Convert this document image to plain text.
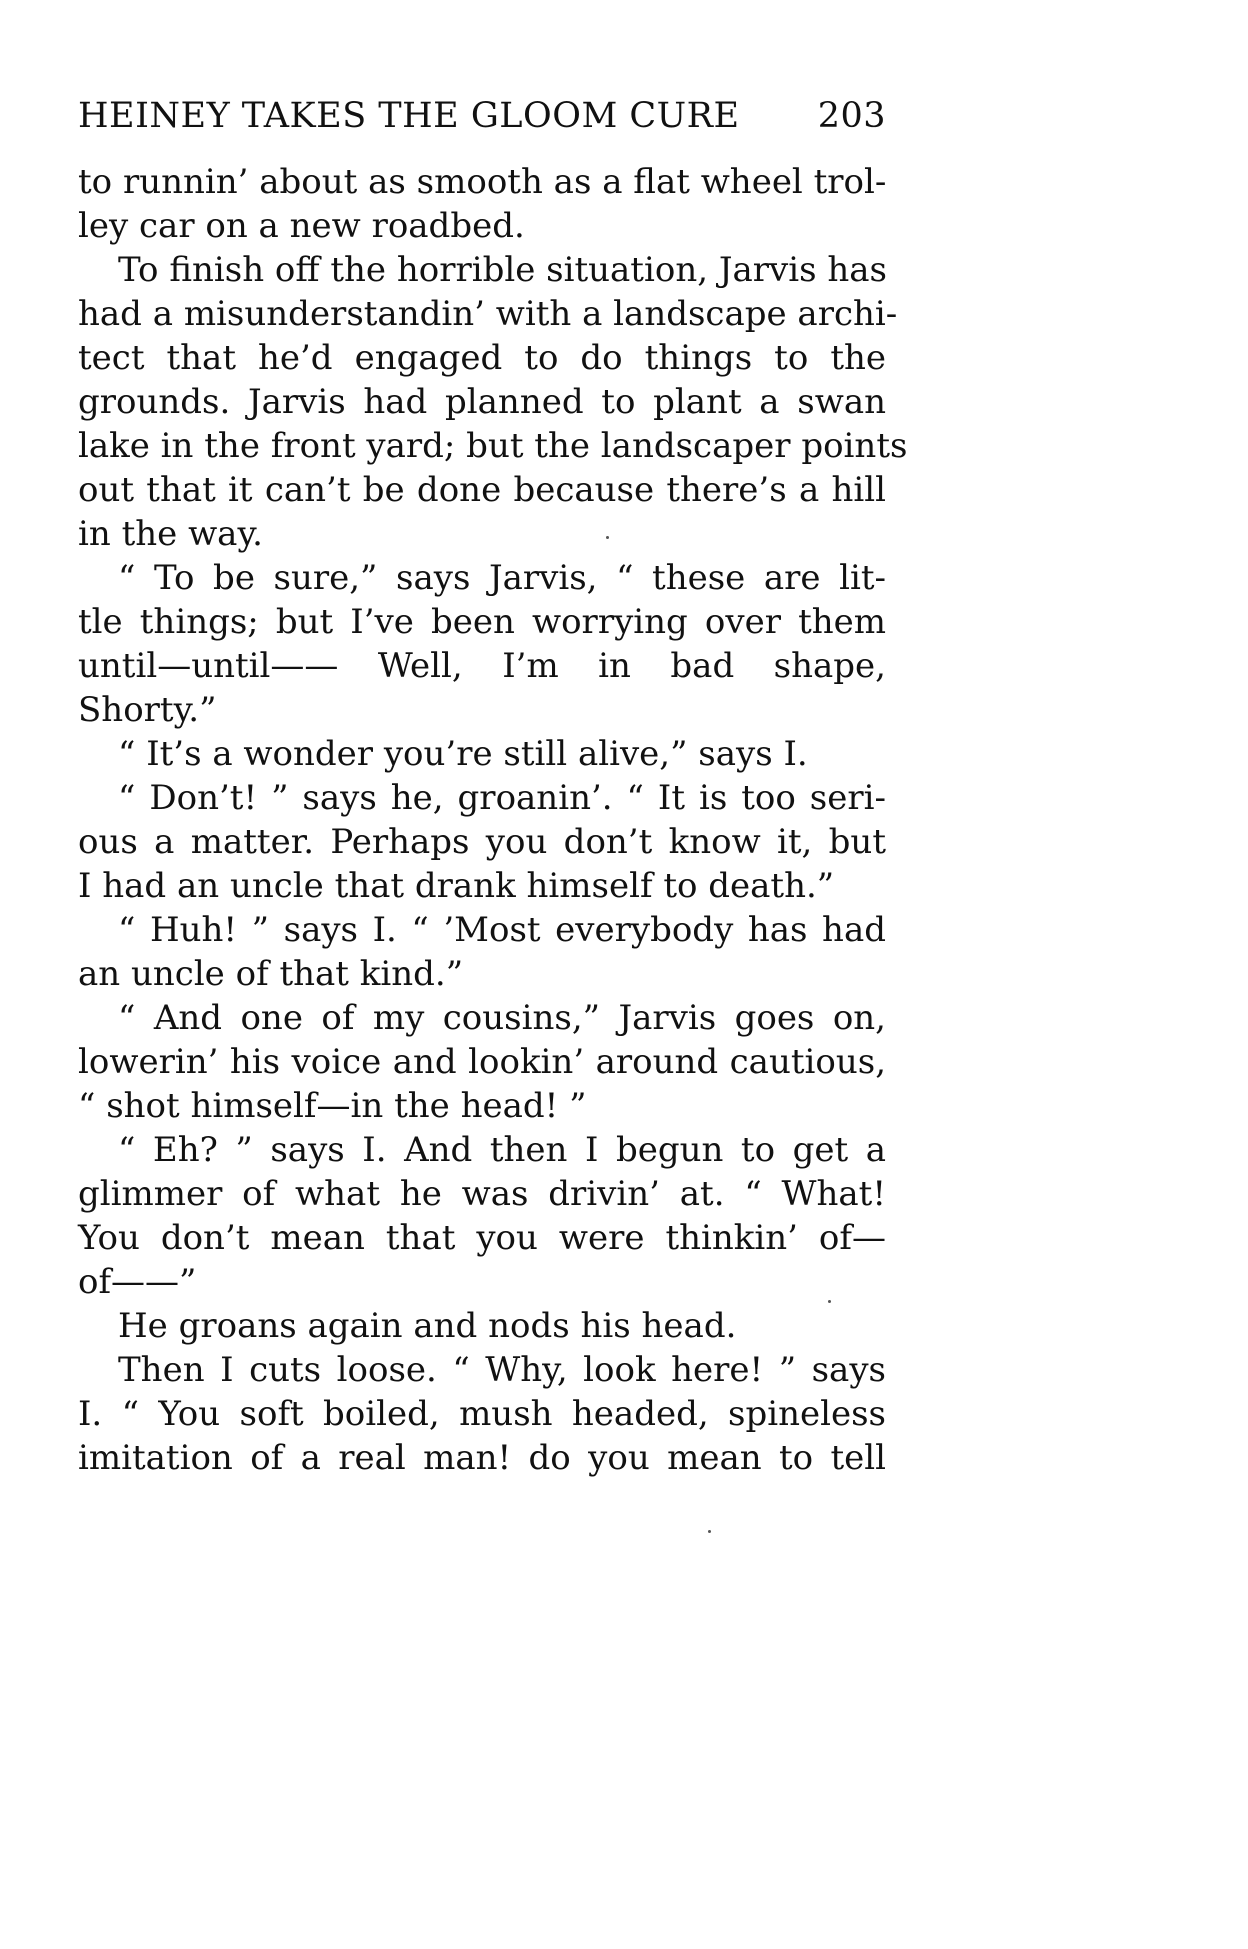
HEINEY TAKES THE GLOOM CURE 203
to runnin’ about as smooth as a flat wheel trol-
ley car on a new roadbed.
To finish off the horrible situation, Jarvis has
had a misunderstandin’ with a landscape archi-
tect that he’d engaged to do things to the
grounds. Jarvis had planned to plant a swan
lake in the front yard; but the landscaper points
out that it can’t be done because there’s a hill
in the way.
“ To be sure,” says Jarvis, “ these are lit-
tle things; but I’ve been worrying over them
until—until—— Well, I’m in bad shape,
Shorty.”
“ It’s a wonder you’re still alive,” says I.
“ Don’t! ” says he, groanin’. “ It is too seri-
ous a matter. Perhaps you don’t know it, but
I had an uncle that drank himself to death.”
“ Huh! ” says I. “ ’Most everybody has had
an uncle of that kind.”
“ And one of my cousins,” Jarvis goes on,
lowerin’ his voice and lookin’ around cautious,
“ shot himself—in the head! ”
“ Eh? ” says I. And then I begun to get a
glimmer of what he was drivin’ at. “ What!
You don’t mean that you were thinkin’ of—
of——”
He groans again and nods his head.
Then I cuts loose. “ Why, look here! ” says
I. “ You soft boiled, mush headed, spineless
imitation of a real man! do you mean to tell
